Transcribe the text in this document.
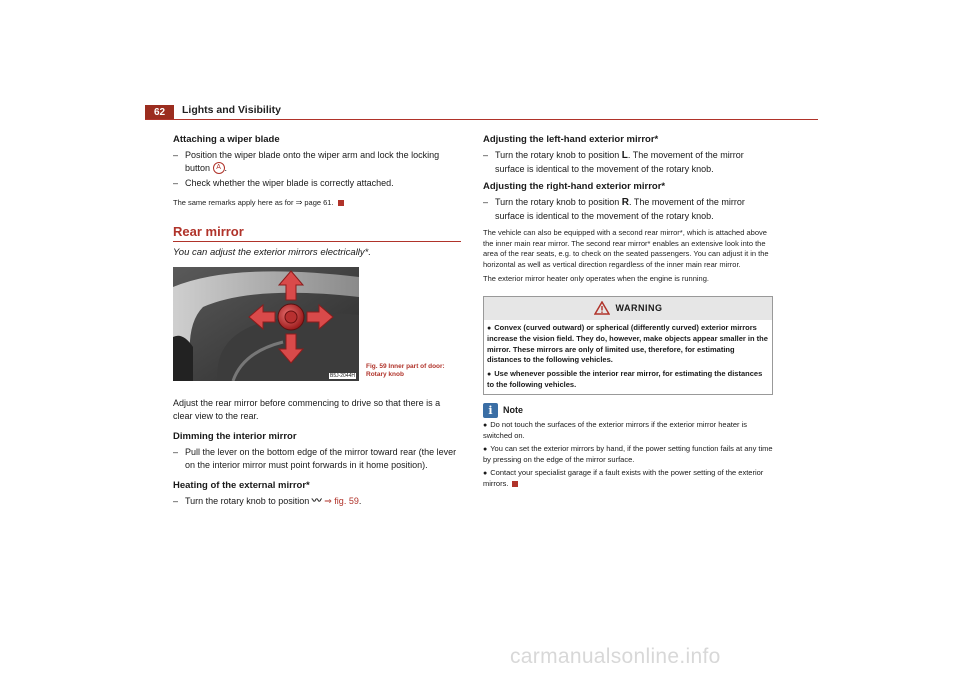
62	Lights and Visibility
Attaching a wiper blade
– Position the wiper blade onto the wiper arm and lock the locking button A .
– Check whether the wiper blade is correctly attached.
The same remarks apply here as for ⇒ page 61.
Rear mirror
You can adjust the exterior mirrors electrically*.
B5J-2044H
Fig. 59 Inner part of door: Rotary knob
Adjust the rear mirror before commencing to drive so that there is a clear view to the rear.
Dimming the interior mirror
– Pull the lever on the bottom edge of the mirror toward rear (the lever on the interior mirror must point forwards in it home position).
Heating of the external mirror*
– Turn the rotary knob to position 〰 ⇒ fig. 59.
Adjusting the left-hand exterior mirror*
– Turn the rotary knob to position L. The movement of the mirror surface is identical to the movement of the rotary knob.
Adjusting the right-hand exterior mirror*
– Turn the rotary knob to position R. The movement of the mirror surface is identical to the movement of the rotary knob.
The vehicle can also be equipped with a second rear mirror*, which is attached above the inner main rear mirror. The second rear mirror* enables an extensive look into the area of the rear seats, e.g. to check on the seated passengers. You can adjust it in the horizontal as well as vertical direction regardless of the inner main rear mirror.
The exterior mirror heater only operates when the engine is running.
WARNING
● Convex (curved outward) or spherical (differently curved) exterior mirrors increase the vision field. They do, however, make objects appear smaller in the mirror. These mirrors are only of limited use, therefore, for estimating distances to the following vehicles.
● Use whenever possible the interior rear mirror, for estimating the distances to the following vehicles.
i	Note
● Do not touch the surfaces of the exterior mirrors if the exterior mirror heater is switched on.
● You can set the exterior mirrors by hand, if the power setting function fails at any time by pressing on the edge of the mirror surface.
● Contact your specialist garage if a fault exists with the power setting of the exterior mirrors.
carmanualsonline.info
